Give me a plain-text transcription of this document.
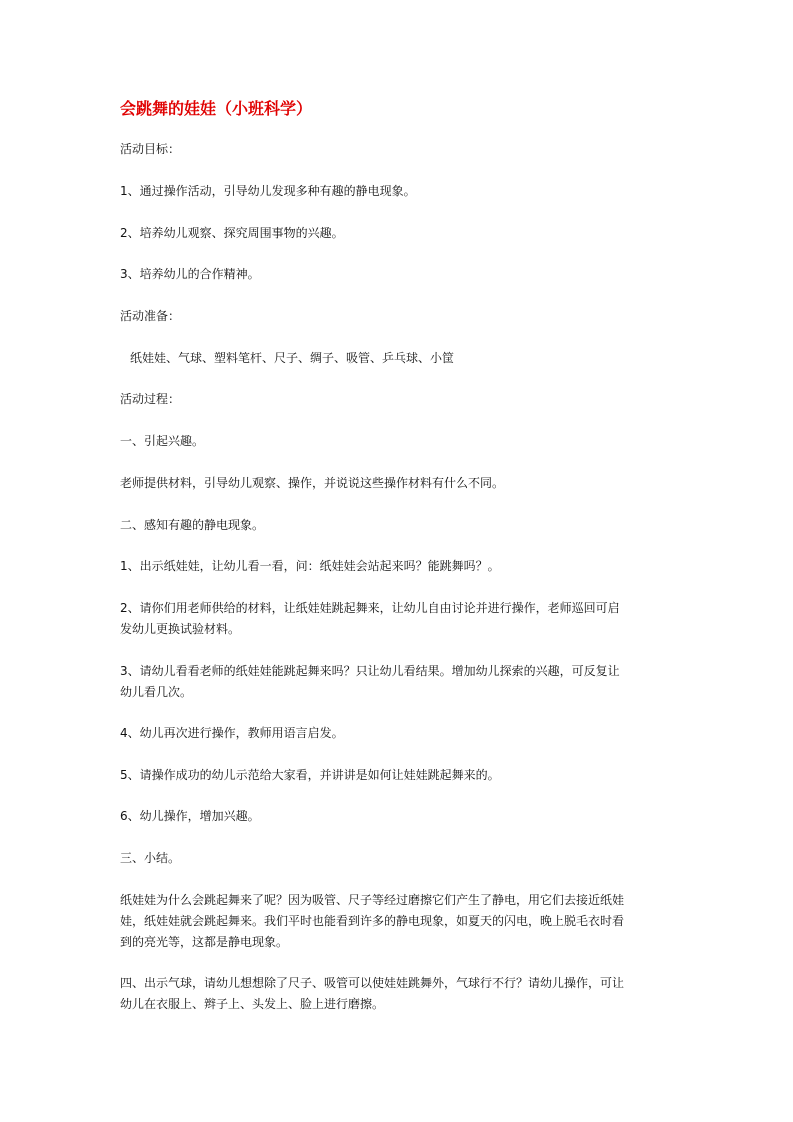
会跳舞的娃娃（小班科学）
活动目标：
1、通过操作活动，引导幼儿发现多种有趣的静电现象。
2、培养幼儿观察、探究周围事物的兴趣。
3、培养幼儿的合作精神。
活动准备：
纸娃娃、气球、塑料笔杆、尺子、绸子、吸管、乒乓球、小筐
活动过程：
一、引起兴趣。
老师提供材料，引导幼儿观察、操作，并说说这些操作材料有什么不同。
二、感知有趣的静电现象。
1、出示纸娃娃，让幼儿看一看，问：纸娃娃会站起来吗？能跳舞吗？。
2、请你们用老师供给的材料，让纸娃娃跳起舞来，让幼儿自由讨论并进行操作，老师巡回可启
发幼儿更换试验材料。
3、请幼儿看看老师的纸娃娃能跳起舞来吗？只让幼儿看结果。增加幼儿探索的兴趣，可反复让
幼儿看几次。
4、幼儿再次进行操作，教师用语言启发。
5、请操作成功的幼儿示范给大家看，并讲讲是如何让娃娃跳起舞来的。
6、幼儿操作，增加兴趣。
三、小结。
纸娃娃为什么会跳起舞来了呢？因为吸管、尺子等经过磨擦它们产生了静电，用它们去接近纸娃
娃，纸娃娃就会跳起舞来。我们平时也能看到许多的静电现象，如夏天的闪电，晚上脱毛衣时看
到的亮光等，这都是静电现象。
四、出示气球，请幼儿想想除了尺子、吸管可以使娃娃跳舞外，气球行不行？请幼儿操作，可让
幼儿在衣服上、辫子上、头发上、脸上进行磨擦。
